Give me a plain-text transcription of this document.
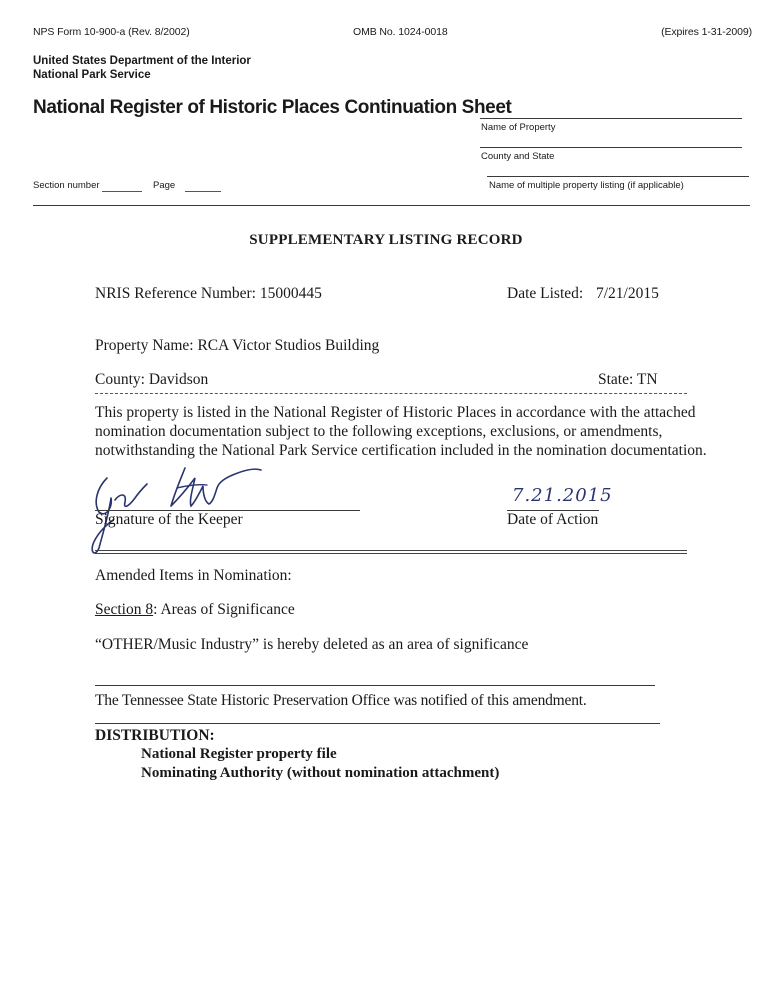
NPS Form 10-900-a (Rev. 8/2002)	OMB No. 1024-0018	(Expires 1-31-2009)
United States Department of the Interior
National Park Service
National Register of Historic Places Continuation Sheet
Name of Property
County and State
Name of multiple property listing (if applicable)
Section number	Page
SUPPLEMENTARY LISTING RECORD
NRIS Reference Number: 15000445	Date Listed: 7/21/2015
Property Name: RCA Victor Studios Building
County: Davidson	State: TN
This property is listed in the National Register of Historic Places in accordance with the attached
nomination documentation subject to the following exceptions, exclusions, or amendments,
notwithstanding the National Park Service certification included in the nomination documentation.
Signature of the Keeper
7.21.2015
Date of Action
Amended Items in Nomination:
Section 8: Areas of Significance
“OTHER/Music Industry” is hereby deleted as an area of significance
The Tennessee State Historic Preservation Office was notified of this amendment.
DISTRIBUTION:
National Register property file
Nominating Authority (without nomination attachment)
